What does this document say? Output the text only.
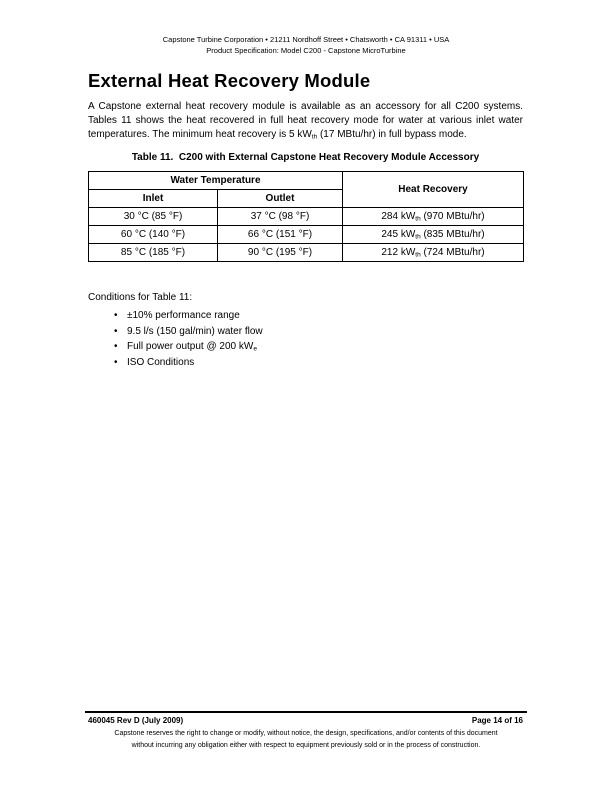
Capstone Turbine Corporation • 21211 Nordhoff Street • Chatsworth • CA 91311 • USA
Product Specification: Model C200 - Capstone MicroTurbine
External Heat Recovery Module

A Capstone external heat recovery module is available as an accessory for all C200 systems. Tables 11 shows the heat recovered in full heat recovery mode for water at various inlet water temperatures. The minimum heat recovery is 5 $kW_{th}$ (17 MBtu/hr) in full bypass mode.

Table 11.  C200 with External Capstone Heat Recovery Module Accessory
Water Temperature		Heat Recovery
Inlet	Outlet	
30 °C (85 °F)	37 °C (98 °F)	284 $kW_{th}$ (970 MBtu/hr)
60 °C (140 °F)	66 °C (151 °F)	245 $kW_{th}$ (835 MBtu/hr)
85 °C (185 °F)	90 °C (195 °F)	212 $kW_{th}$ (724 MBtu/hr)
Conditions for Table 11:
• ±10% performance range
• 9.5 l/s (150 gal/min) water flow
• Full power output @ 200 $kW_e$
• ISO Conditions
460045 Rev D (July 2009)	Page 14 of 16
Capstone reserves the right to change or modify, without notice, the design, specifications, and/or contents of this document
without incurring any obligation either with respect to equipment previously sold or in the process of construction.
